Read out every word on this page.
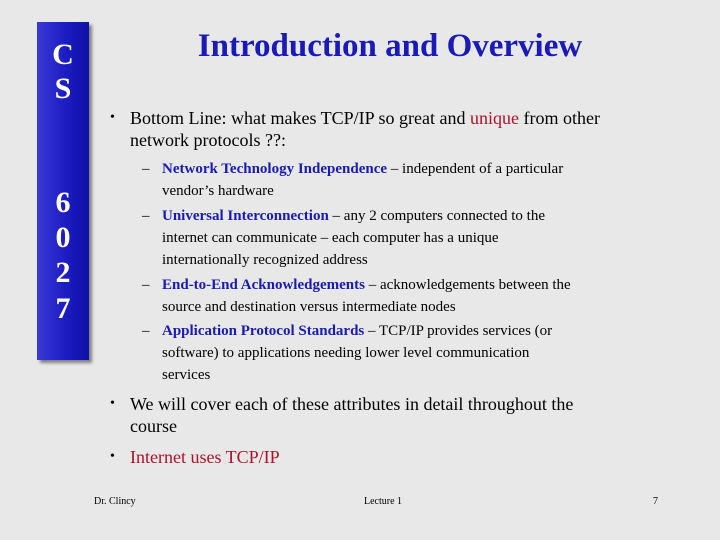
C
S
6
0
2
7
Introduction and Overview
• Bottom Line: what makes TCP/IP so great and unique from other
network protocols ??:
– Network Technology Independence – independent of a particular
vendor’s hardware
– Universal Interconnection – any 2 computers connected to the
internet can communicate – each computer has a unique
internationally recognized address
– End-to-End Acknowledgements – acknowledgements between the
source and destination versus intermediate nodes
– Application Protocol Standards – TCP/IP provides services (or
software) to applications needing lower level communication
services
• We will cover each of these attributes in detail throughout the
course
• Internet uses TCP/IP
Dr. Clincy	Lecture 1	7
